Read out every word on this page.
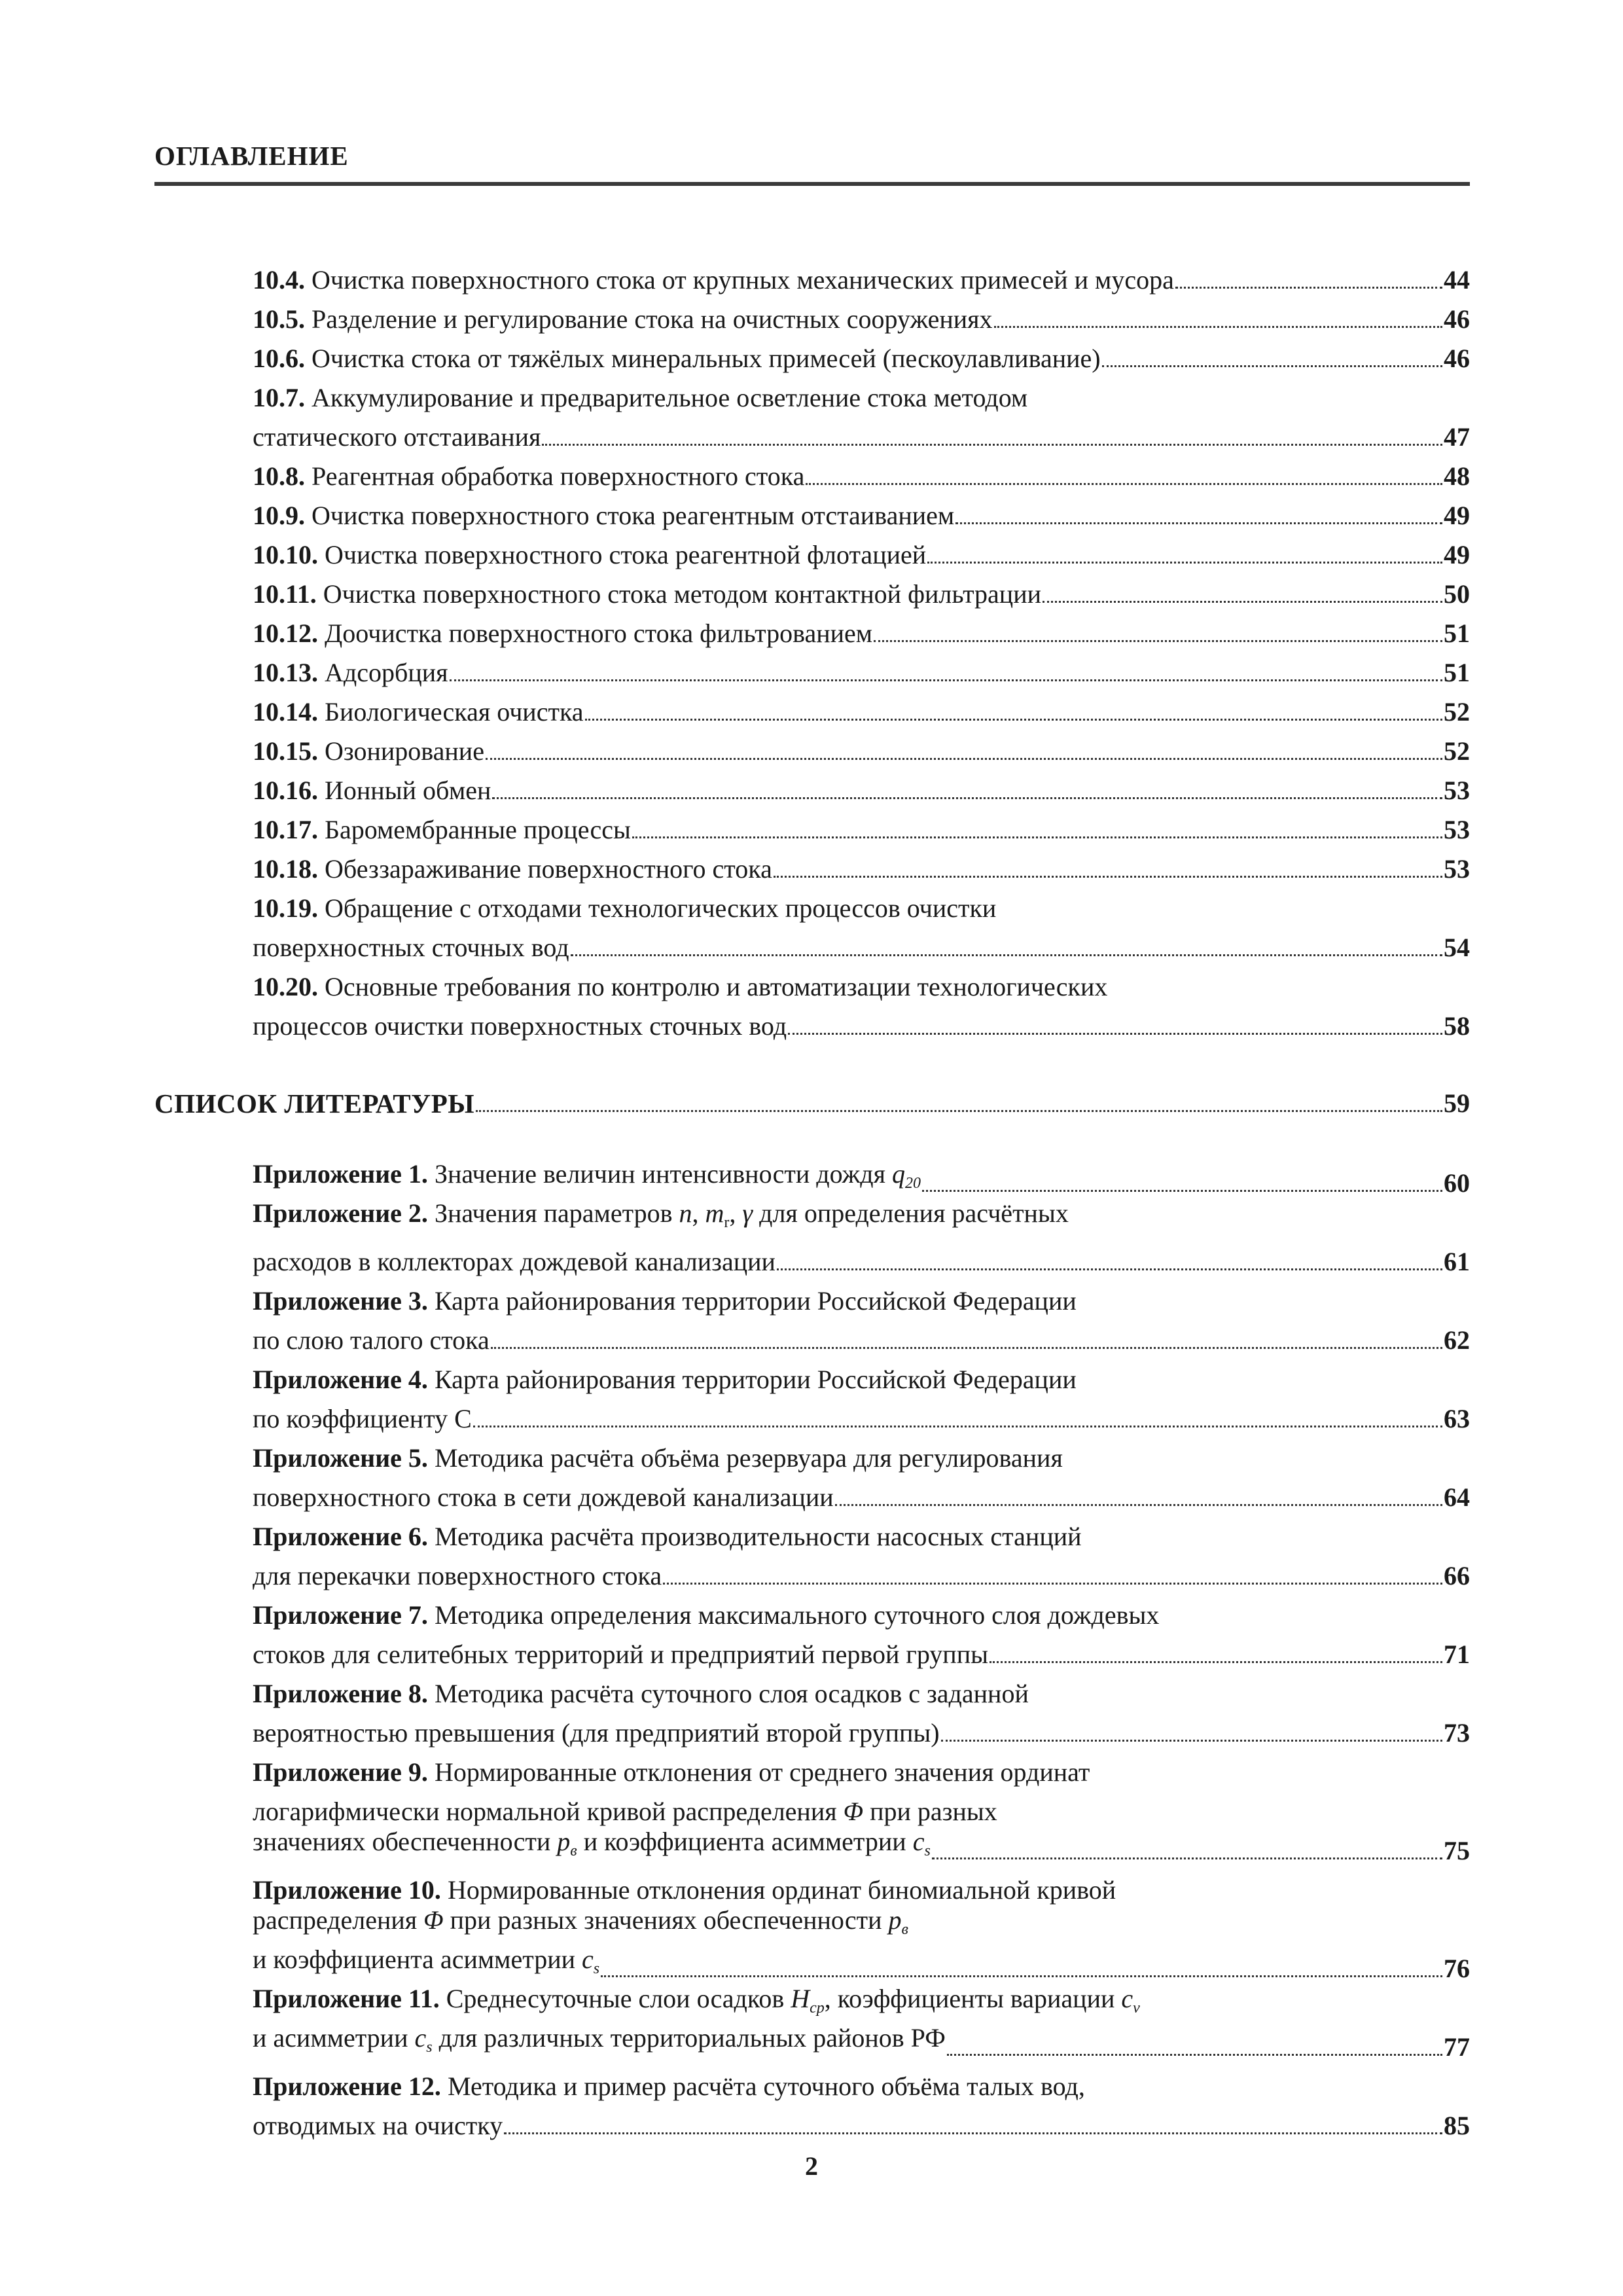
ОГЛАВЛЕНИЕ
10.4. Очистка поверхностного стока от крупных механических примесей и мусора	44
10.5. Разделение и регулирование стока на очистных сооружениях	46
10.6. Очистка стока от тяжёлых минеральных примесей (пескоулавливание)	46
10.7. Аккумулирование и предварительное осветление стока методом
статического отстаивания	47
10.8. Реагентная обработка поверхностного стока	48
10.9. Очистка поверхностного стока реагентным отстаиванием	49
10.10. Очистка поверхностного стока реагентной флотацией	49
10.11. Очистка поверхностного стока методом контактной фильтрации	50
10.12. Доочистка поверхностного стока фильтрованием	51
10.13. Адсорбция	51
10.14. Биологическая очистка	52
10.15. Озонирование	52
10.16. Ионный обмен	53
10.17. Баромембранные процессы	53
10.18. Обеззараживание поверхностного стока	53
10.19. Обращение с отходами технологических процессов очистки
поверхностных сточных вод	54
10.20. Основные требования по контролю и автоматизации технологических
процессов очистки поверхностных сточных вод	58
СПИСОК ЛИТЕРАТУРЫ	59
Приложение 1. Значение величин интенсивности дождя $q_{20}$	60
Приложение 2. Значения параметров n, $m_r$, γ для определения расчётных
расходов в коллекторах дождевой канализации	61
Приложение 3. Карта районирования территории Российской Федерации
по слою талого стока	62
Приложение 4. Карта районирования территории Российской Федерации
по коэффициенту С	63
Приложение 5. Методика расчёта объёма резервуара для регулирования
поверхностного стока в сети дождевой канализации	64
Приложение 6. Методика расчёта производительности насосных станций
для перекачки поверхностного стока	66
Приложение 7. Методика определения максимального суточного слоя дождевых
стоков для селитебных территорий и предприятий первой группы	71
Приложение 8. Методика расчёта суточного слоя осадков с заданной
вероятностью превышения (для предприятий второй группы)	73
Приложение 9. Нормированные отклонения от среднего значения ординат
логарифмически нормальной кривой распределения Φ при разных
значениях обеспеченности $p_в$ и коэффициента асимметрии $c_s$	75
Приложение 10. Нормированные отклонения ординат биномиальной кривой
распределения Φ при разных значениях обеспеченности $p_в$
и коэффициента асимметрии $c_s$	76
Приложение 11. Среднесуточные слои осадков $H_{ср}$, коэффициенты вариации $c_v$
и асимметрии $c_s$ для различных территориальных районов РФ	77
Приложение 12. Методика и пример расчёта суточного объёма талых вод,
отводимых на очистку	85
2
